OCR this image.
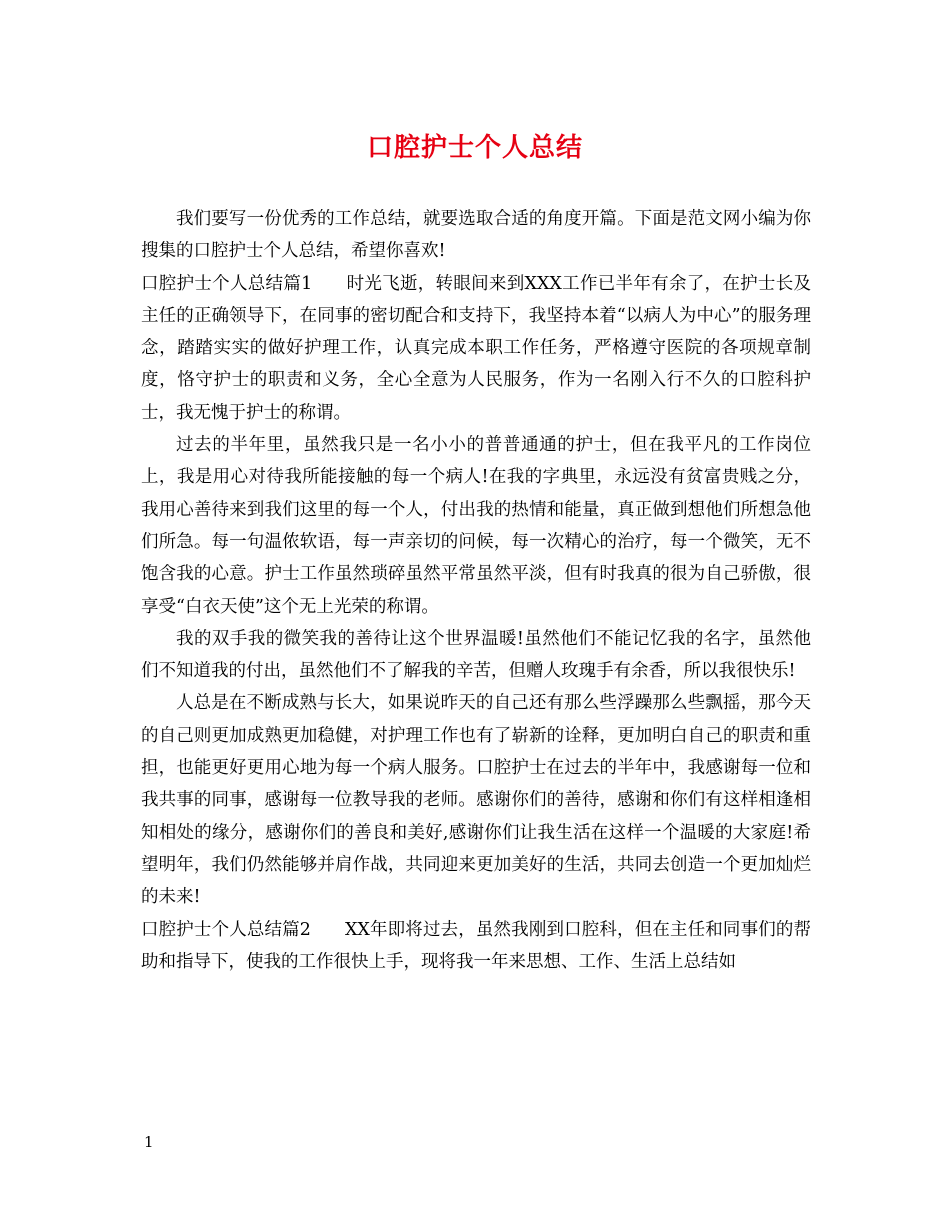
口腔护士个人总结

我们要写一份优秀的工作总结，就要选取合适的角度开篇。下面是范文网小编为你搜集的口腔护士个人总结，希望你喜欢!

口腔护士个人总结篇1 时光飞逝，转眼间来到XXX工作已半年有余了，在护士长及主任的正确领导下，在同事的密切配合和支持下，我坚持本着“以病人为中心”的服务理念，踏踏实实的做好护理工作，认真完成本职工作任务，严格遵守医院的各项规章制度，恪守护士的职责和义务，全心全意为人民服务，作为一名刚入行不久的口腔科护士，我无愧于护士的称谓。

过去的半年里，虽然我只是一名小小的普普通通的护士，但在我平凡的工作岗位上，我是用心对待我所能接触的每一个病人!在我的字典里，永远没有贫富贵贱之分，我用心善待来到我们这里的每一个人，付出我的热情和能量，真正做到想他们所想急他们所急。每一句温侬软语，每一声亲切的问候，每一次精心的治疗，每一个微笑，无不饱含我的心意。护士工作虽然琐碎虽然平常虽然平淡，但有时我真的很为自己骄傲，很享受“白衣天使”这个无上光荣的称谓。

我的双手我的微笑我的善待让这个世界温暖!虽然他们不能记忆我的名字，虽然他们不知道我的付出，虽然他们不了解我的辛苦，但赠人玫瑰手有余香，所以我很快乐!

人总是在不断成熟与长大，如果说昨天的自己还有那么些浮躁那么些飘摇，那今天的自己则更加成熟更加稳健，对护理工作也有了崭新的诠释，更加明白自己的职责和重担，也能更好更用心地为每一个病人服务。口腔护士在过去的半年中，我感谢每一位和我共事的同事，感谢每一位教导我的老师。感谢你们的善待，感谢和你们有这样相逢相知相处的缘分，感谢你们的善良和美好,感谢你们让我生活在这样一个温暖的大家庭!希望明年，我们仍然能够并肩作战，共同迎来更加美好的生活，共同去创造一个更加灿烂的未来!

口腔护士个人总结篇2 XX年即将过去，虽然我刚到口腔科，但在主任和同事们的帮助和指导下，使我的工作很快上手，现将我一年来思想、工作、生活上总结如

1
